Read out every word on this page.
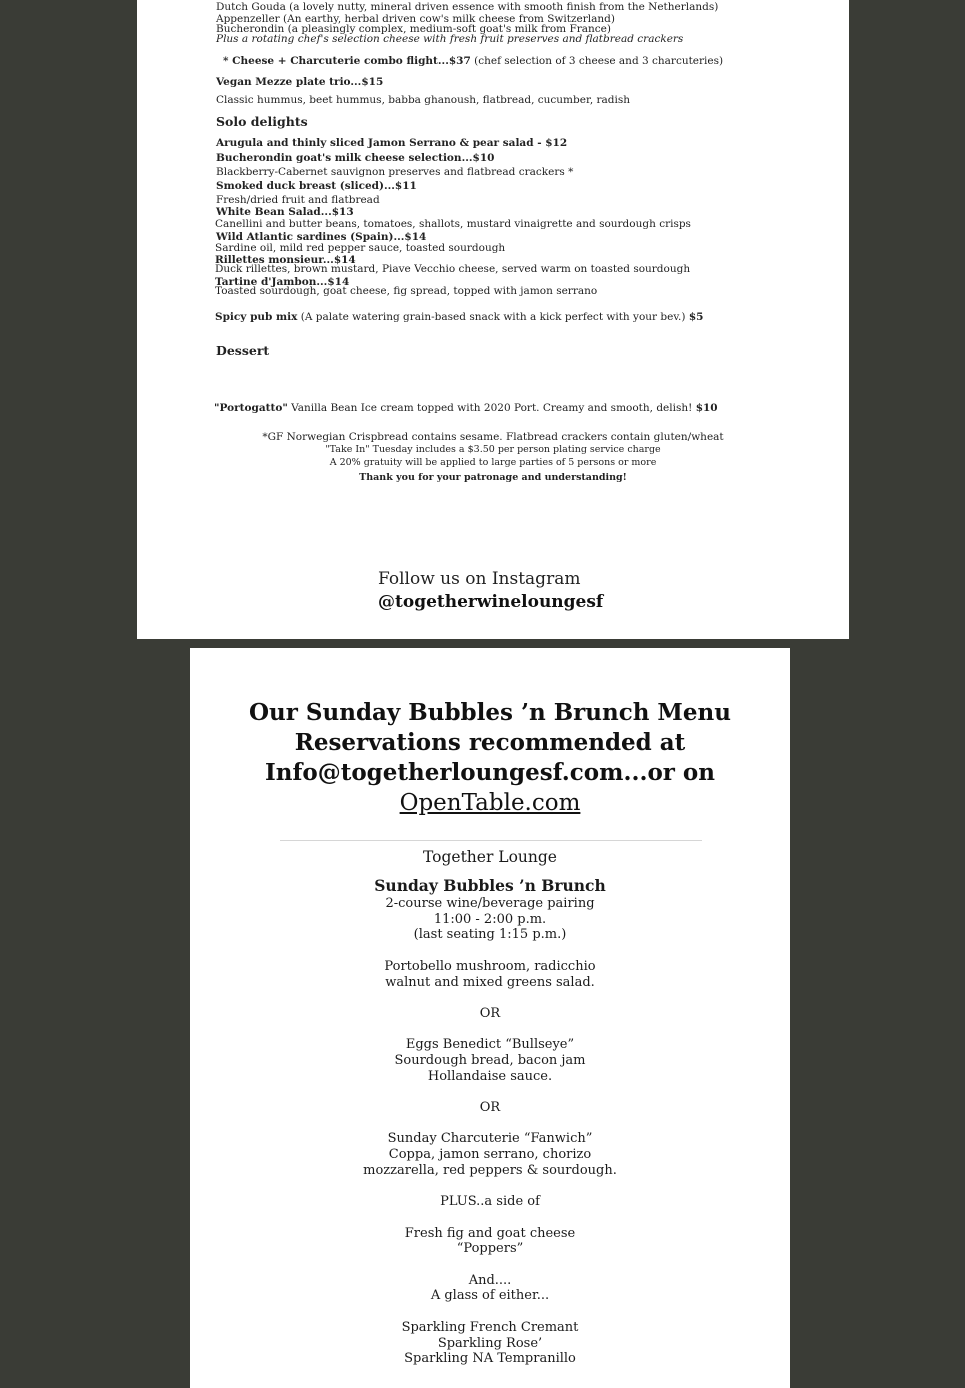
Dutch Gouda (a lovely nutty, mineral driven essence with smooth finish from the Netherlands)
Appenzeller (An earthy, herbal driven cow's milk cheese from Switzerland)
Bucherondin (a pleasingly complex, medium-soft goat's milk from France)
Plus a rotating chef's selection cheese with fresh fruit preserves and flatbread crackers
* Cheese + Charcuterie combo flight...$37 (chef selection of 3 cheese and 3 charcuteries)
Vegan Mezze plate trio...$15
Classic hummus, beet hummus, babba ghanoush, flatbread, cucumber, radish
Solo delights
Arugula and thinly sliced Jamon Serrano & pear salad - $12
Bucherondin goat's milk cheese selection...$10
Blackberry-Cabernet sauvignon preserves and flatbread crackers *
Smoked duck breast (sliced)...$11
Fresh/dried fruit and flatbread
White Bean Salad...$13
Canellini and butter beans, tomatoes, shallots, mustard vinaigrette and sourdough crisps
Wild Atlantic sardines (Spain)...$14
Sardine oil, mild red pepper sauce, toasted sourdough
Rillettes monsieur...$14
Duck rillettes, brown mustard, Piave Vecchio cheese, served warm on toasted sourdough
Tartine d'Jambon...$14
Toasted sourdough, goat cheese, fig spread, topped with jamon serrano
Spicy pub mix (A palate watering grain-based snack with a kick perfect with your bev.) $5
Dessert
"Portogatto" Vanilla Bean Ice cream topped with 2020 Port. Creamy and smooth, delish! $10
*GF Norwegian Crispbread contains sesame. Flatbread crackers contain gluten/wheat
"Take In" Tuesday includes a $3.50 per person plating service charge
A 20% gratuity will be applied to large parties of 5 persons or more
Thank you for your patronage and understanding!
Follow us on Instagram
@togetherwineloungesf
Our Sunday Bubbles ’n Brunch Menu
Reservations recommended at
Info@togetherloungesf.com...or on
OpenTable.com
Together Lounge
Sunday Bubbles ’n Brunch
2-course wine/beverage pairing
11:00 - 2:00 p.m.
(last seating 1:15 p.m.)
Portobello mushroom, radicchio
walnut and mixed greens salad.
OR
Eggs Benedict “Bullseye”
Sourdough bread, bacon jam
Hollandaise sauce.
OR
Sunday Charcuterie “Fanwich”
Coppa, jamon serrano, chorizo
mozzarella, red peppers & sourdough.
PLUS..a side of
Fresh fig and goat cheese
“Poppers”
And....
A glass of either...
Sparkling French Cremant
Sparkling Rose’
Sparkling NA Tempranillo
